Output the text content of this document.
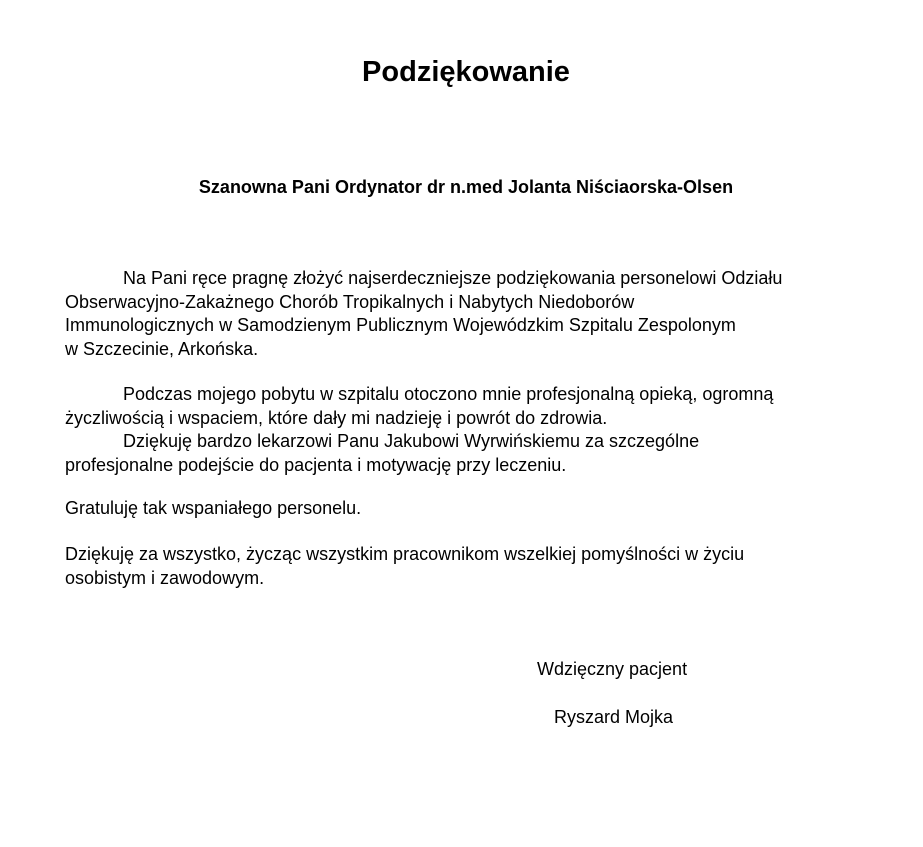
Podziękowanie

Szanowna Pani Ordynator dr n.med Jolanta Niściaorska-Olsen

Na Pani ręce pragnę złożyć najserdeczniejsze podziękowania personelowi Odziału
Obserwacyjno-Zakażnego Chorób Tropikalnych i Nabytych Niedoborów
Immunologicznych w Samodzienym Publicznym Wojewódzkim Szpitalu Zespolonym
w Szczecinie, Arkońska.

Podczas mojego pobytu w szpitalu otoczono mnie profesjonalną opieką, ogromną
życzliwością i wspaciem, które dały mi nadzieję i powrót do zdrowia.
Dziękuję bardzo lekarzowi Panu Jakubowi Wyrwińskiemu za szczególne
profesjonalne podejście do pacjenta i motywację przy leczeniu.

Gratuluję tak wspaniałego personelu.

Dziękuję za wszystko, życząc wszystkim pracownikom wszelkiej pomyślności w życiu
osobistym i zawodowym.

Wdzięczny pacjent

Ryszard Mojka
